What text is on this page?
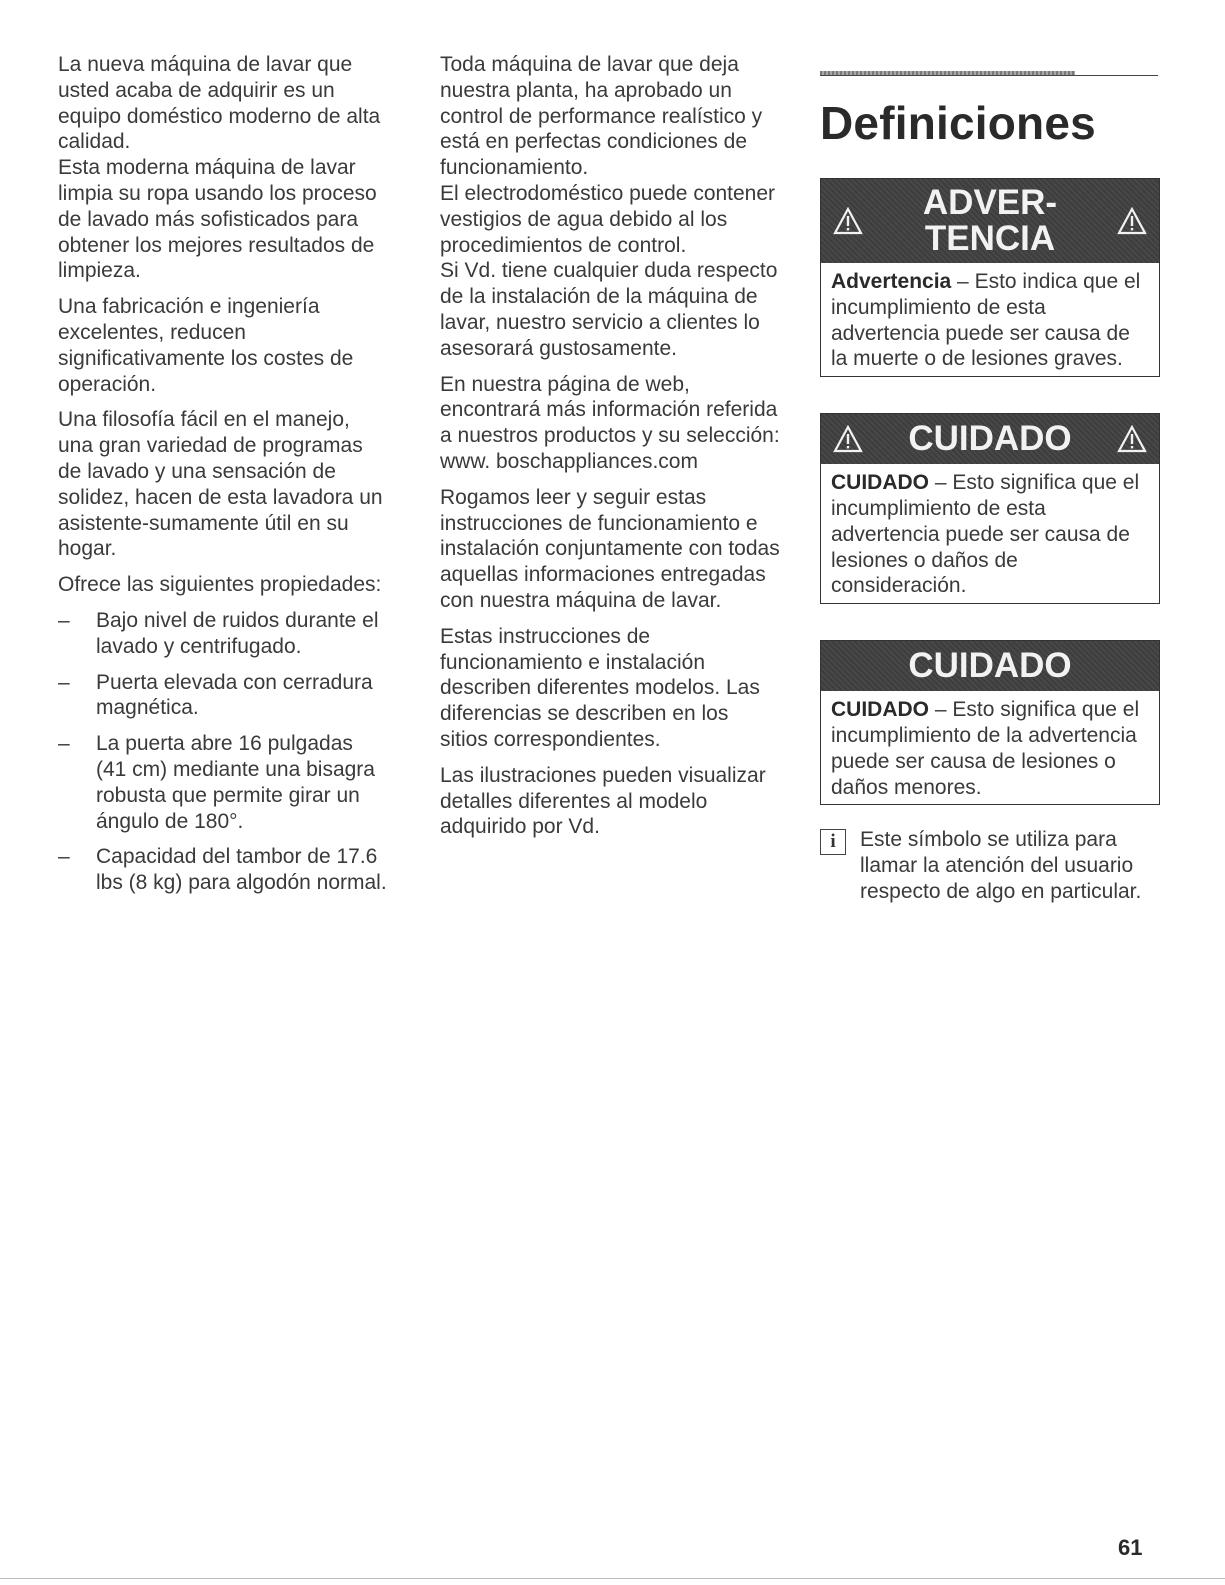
La nueva máquina de lavar que usted acaba de adquirir es un equipo doméstico moderno de alta calidad.

Esta moderna máquina de lavar limpia su ropa usando los proceso de lavado más sofisticados para obtener los mejores resultados de limpieza.

Una fabricación e ingeniería excelentes, reducen significativamente los costes de operación.

Una filosofía fácil en el manejo, una gran variedad de programas de lavado y una sensación de solidez, hacen de esta lavadora un asistente-sumamente útil en su hogar.

Ofrece las siguientes propiedades:

– Bajo nivel de ruidos durante el lavado y centrifugado.
– Puerta elevada con cerradura magnética.
– La puerta abre 16 pulgadas (41 cm) mediante una bisagra robusta que permite girar un ángulo de 180°.
– Capacidad del tambor de 17.6 lbs (8 kg) para algodón normal.

Toda máquina de lavar que deja nuestra planta, ha aprobado un control de performance realístico y está en perfectas condiciones de funcionamiento.

El electrodoméstico puede contener vestigios de agua debido al los procedimientos de control.

Si Vd. tiene cualquier duda respecto de la instalación de la máquina de lavar, nuestro servicio a clientes lo asesorará gustosamente.

En nuestra página de web, encontrará más información referida a nuestros productos y su selección:

www. boschappliances.com

Rogamos leer y seguir estas instrucciones de funcionamiento e instalación conjuntamente con todas aquellas informaciones entregadas con nuestra máquina de lavar.

Estas instrucciones de funcionamiento e instalación describen diferentes modelos. Las diferencias se describen en los sitios correspondientes.

Las ilustraciones pueden visualizar detalles diferentes al modelo adquirido por Vd.

Definiciones
ADVER-
TENCIA
Advertencia – Esto indica que el incumplimiento de esta advertencia puede ser causa de la muerte o de lesiones graves.
CUIDADO
CUIDADO – Esto significa que el incumplimiento de esta advertencia puede ser causa de lesiones o daños de consideración.
CUIDADO
CUIDADO – Esto significa que el incumplimiento de la advertencia puede ser causa de lesiones o daños menores.
i	Este símbolo se utiliza para llamar la atención del usuario respecto de algo en particular.
61
